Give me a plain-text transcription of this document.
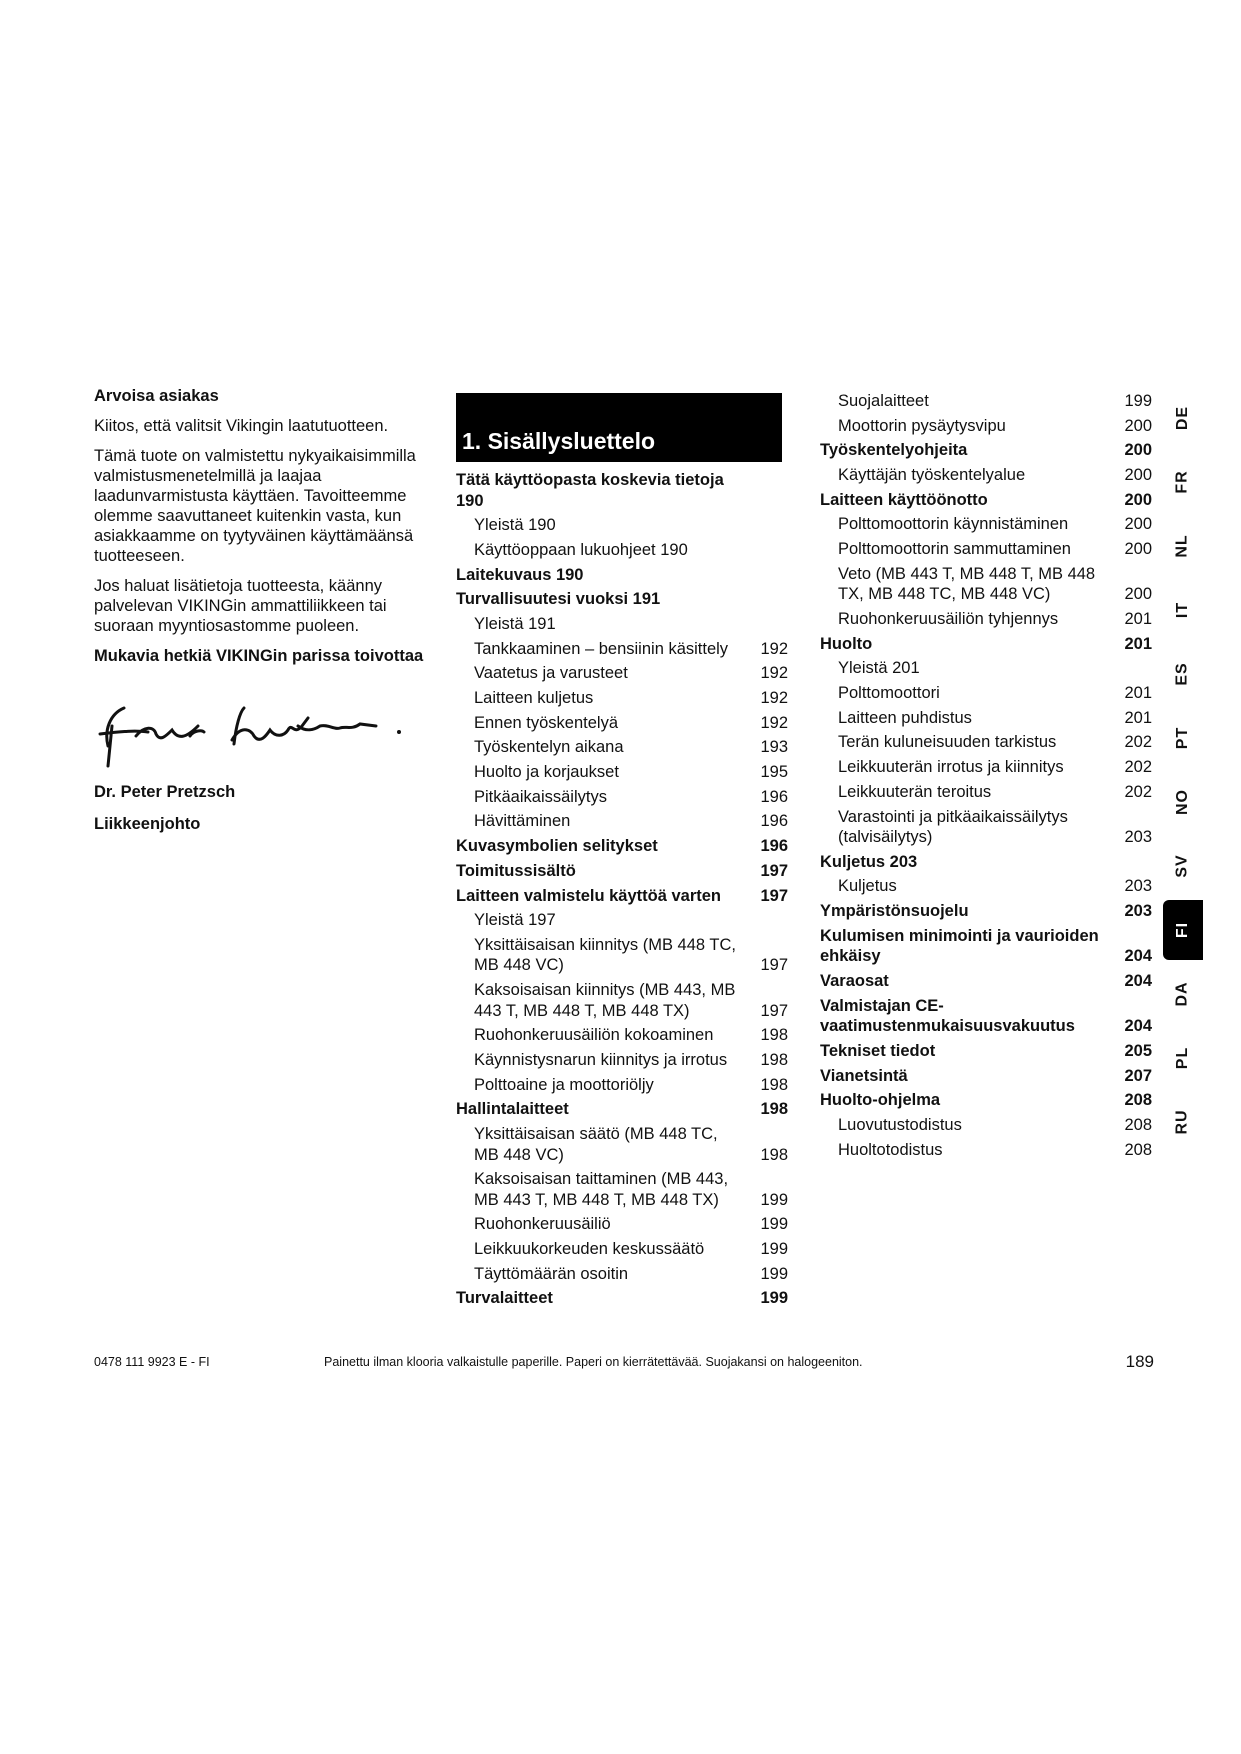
Arvoisa asiakas

Kiitos, että valitsit Vikingin laatutuotteen.

Tämä tuote on valmistettu nykyaikaisimmilla valmistusmenetelmillä ja laajaa laadunvarmistusta käyttäen. Tavoitteemme olemme saavuttaneet kuitenkin vasta, kun asiakkaamme on tyytyväinen käyttämäänsä tuotteeseen.

Jos haluat lisätietoja tuotteesta, käänny palvelevan VIKINGin ammattiliikkeen tai suoraan myyntiosastomme puoleen.

Mukavia hetkiä VIKINGin parissa toivottaa

Dr. Peter Pretzsch
Liikkeenjohto
1. Sisällysluettelo
Tätä käyttöopasta koskevia tietoja 190
Yleistä 190
Käyttöoppaan lukuohjeet 190
Laitekuvaus 190
Turvallisuutesi vuoksi 191
Yleistä 191
Tankkaaminen – bensiinin käsittely	192
Vaatetus ja varusteet	192
Laitteen kuljetus	192
Ennen työskentelyä	192
Työskentelyn aikana	193
Huolto ja korjaukset	195
Pitkäaikaissäilytys	196
Hävittäminen	196
Kuvasymbolien selitykset	196
Toimitussisältö	197
Laitteen valmistelu käyttöä varten	197
Yleistä 197
Yksittäisaisan kiinnitys (MB 448 TC, MB 448 VC)	197
Kaksoisaisan kiinnitys (MB 443, MB 443 T, MB 448 T, MB 448 TX)	197
Ruohonkeruusäiliön kokoaminen	198
Käynnistysnarun kiinnitys ja irrotus	198
Polttoaine ja moottoriöljy	198
Hallintalaitteet	198
Yksittäisaisan säätö (MB 448 TC, MB 448 VC)	198
Kaksoisaisan taittaminen (MB 443, MB 443 T, MB 448 T, MB 448 TX)	199
Ruohonkeruusäiliö	199
Leikkuukorkeuden keskussäätö	199
Täyttömäärän osoitin	199
Turvalaitteet	199
Suojalaitteet	199
Moottorin pysäytysvipu	200
Työskentelyohjeita	200
Käyttäjän työskentelyalue	200
Laitteen käyttöönotto	200
Polttomoottorin käynnistäminen	200
Polttomoottorin sammuttaminen	200
Veto (MB 443 T, MB 448 T, MB 448 TX, MB 448 TC, MB 448 VC)	200
Ruohonkeruusäiliön tyhjennys	201
Huolto	201
Yleistä 201
Polttomoottori	201
Laitteen puhdistus	201
Terän kuluneisuuden tarkistus	202
Leikkuuterän irrotus ja kiinnitys	202
Leikkuuterän teroitus	202
Varastointi ja pitkäaikaissäilytys (talvisäilytys)	203
Kuljetus 203
Kuljetus	203
Ympäristönsuojelu	203
Kulumisen minimointi ja vaurioiden ehkäisy	204
Varaosat	204
Valmistajan CE-vaatimustenmukaisuusvakuutus	204
Tekniset tiedot	205
Vianetsintä	207
Huolto-ohjelma	208
Luovutustodistus	208
Huoltotodistus	208
DE
FR
NL
IT
ES
PT
NO
SV
FI
DA
PL
RU
0478 111 9923 E - FI	Painettu ilman klooria valkaistulle paperille. Paperi on kierrätettävää. Suojakansi on halogeeniton.	189
